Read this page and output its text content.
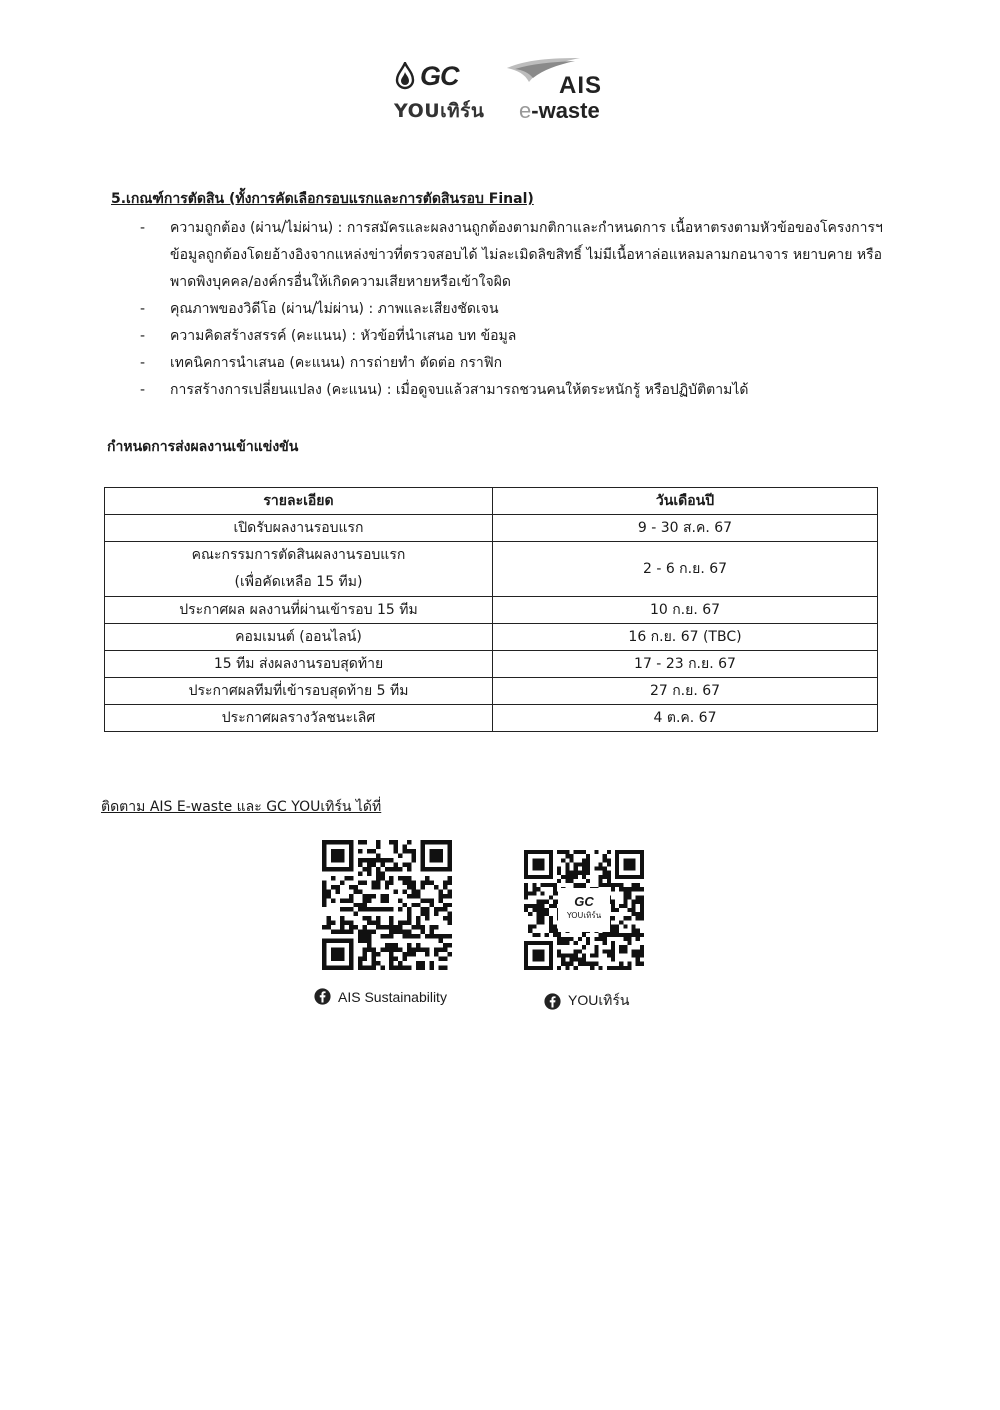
GC
YOUเทิร์น
AIS
e-waste
5.เกณฑ์การตัดสิน (ทั้งการคัดเลือกรอบแรกและการตัดสินรอบ Final)
- ความถูกต้อง (ผ่าน/ไม่ผ่าน) : การสมัครและผลงานถูกต้องตามกติกาและกำหนดการ เนื้อหาตรงตามหัวข้อของโครงการฯ ข้อมูลถูกต้องโดยอ้างอิงจากแหล่งข่าวที่ตรวจสอบได้ ไม่ละเมิดลิขสิทธิ์ ไม่มีเนื้อหาล่อแหลมลามกอนาจาร หยาบคาย หรือพาดพิงบุคคล/องค์กรอื่นให้เกิดความเสียหายหรือเข้าใจผิด
- คุณภาพของวิดีโอ (ผ่าน/ไม่ผ่าน) : ภาพและเสียงชัดเจน
- ความคิดสร้างสรรค์ (คะแนน) : หัวข้อที่นำเสนอ บท ข้อมูล
- เทคนิคการนำเสนอ (คะแนน) การถ่ายทำ ตัดต่อ กราฟิก
- การสร้างการเปลี่ยนแปลง (คะแนน) : เมื่อดูจบแล้วสามารถชวนคนให้ตระหนักรู้ หรือปฏิบัติตามได้
กำหนดการส่งผลงานเข้าแข่งขัน
รายละเอียด	วันเดือนปี
เปิดรับผลงานรอบแรก	9 - 30 ส.ค. 67
คณะกรรมการตัดสินผลงานรอบแรก
(เพื่อคัดเหลือ 15 ทีม)	2 - 6 ก.ย. 67
ประกาศผล ผลงานที่ผ่านเข้ารอบ 15 ทีม	10 ก.ย. 67
คอมเมนต์ (ออนไลน์)	16 ก.ย. 67 (TBC)
15 ทีม ส่งผลงานรอบสุดท้าย	17 - 23 ก.ย. 67
ประกาศผลทีมที่เข้ารอบสุดท้าย 5 ทีม	27 ก.ย. 67
ประกาศผลรางวัลชนะเลิศ	4 ต.ค. 67
ติดตาม AIS E-waste และ GC YOUเทิร์น ได้ที่
GC
YOUเทิร์น
AIS Sustainability	YOUเทิร์น
